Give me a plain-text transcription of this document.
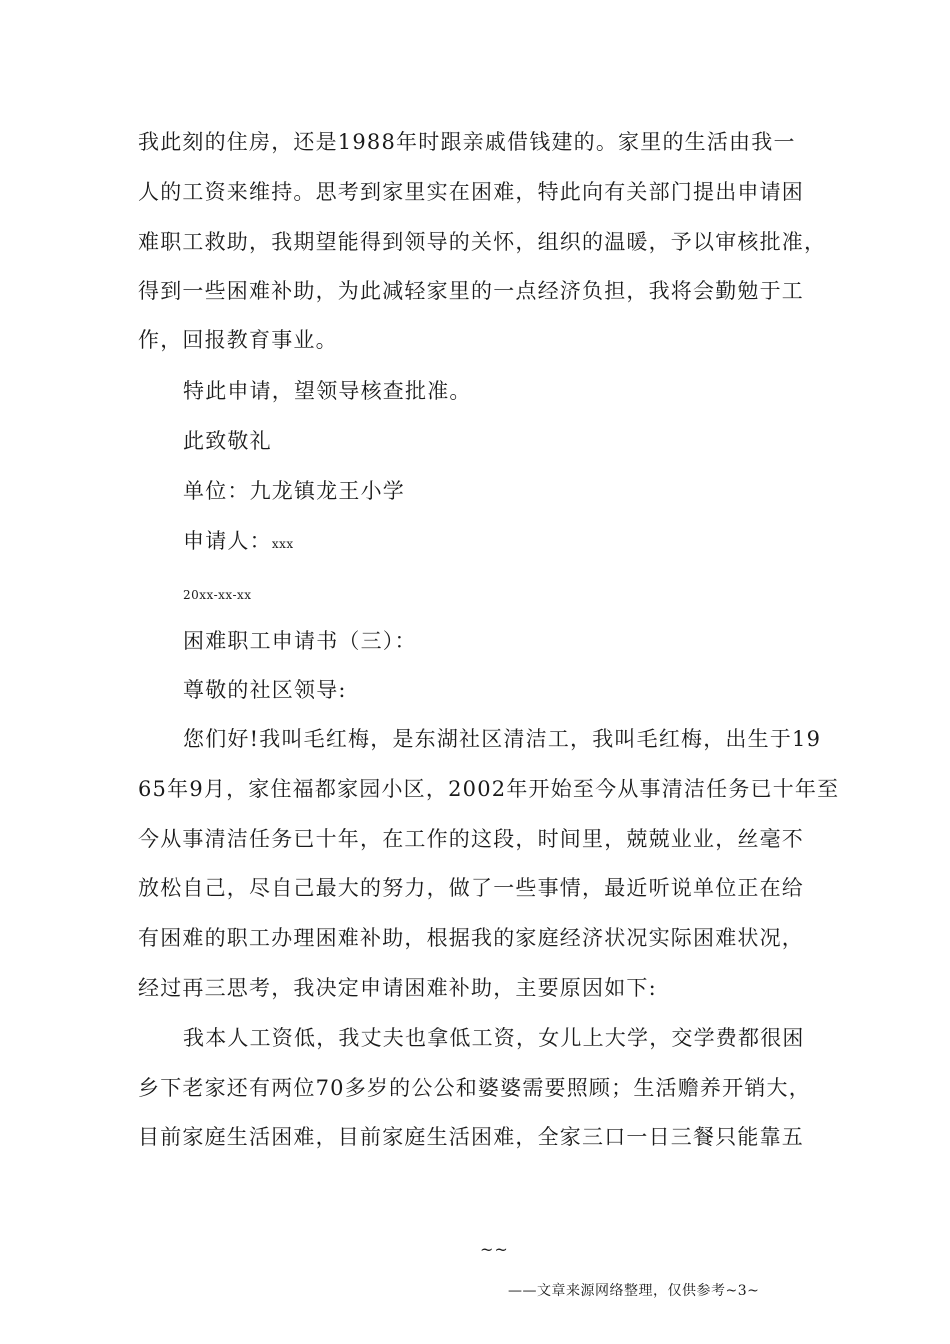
我此刻的住房，还是1988年时跟亲戚借钱建的。家里的生活由我一
人的工资来维持。思考到家里实在困难，特此向有关部门提出申请困
难职工救助，我期望能得到领导的关怀，组织的温暖，予以审核批准，
得到一些困难补助，为此减轻家里的一点经济负担，我将会勤勉于工
作，回报教育事业。
特此申请，望领导核查批准。
此致敬礼
单位：九龙镇龙王小学
申请人：xxx
20xx-xx-xx
困难职工申请书（三）：
尊敬的社区领导:
您们好!我叫毛红梅，是东湖社区清洁工，我叫毛红梅，出生于19
65年9月，家住福都家园小区，2002年开始至今从事清洁任务已十年至
今从事清洁任务已十年，在工作的这段，时间里，兢兢业业，丝毫不
放松自己，尽自己最大的努力，做了一些事情，最近听说单位正在给
有困难的职工办理困难补助，根据我的家庭经济状况实际困难状况，
经过再三思考，我决定申请困难补助，主要原因如下:
我本人工资低，我丈夫也拿低工资，女儿上大学，交学费都很困
乡下老家还有两位70多岁的公公和婆婆需要照顾；生活赡养开销大，
目前家庭生活困难，目前家庭生活困难，全家三口一日三餐只能靠五
~~
——文章来源网络整理，仅供参考~3~
